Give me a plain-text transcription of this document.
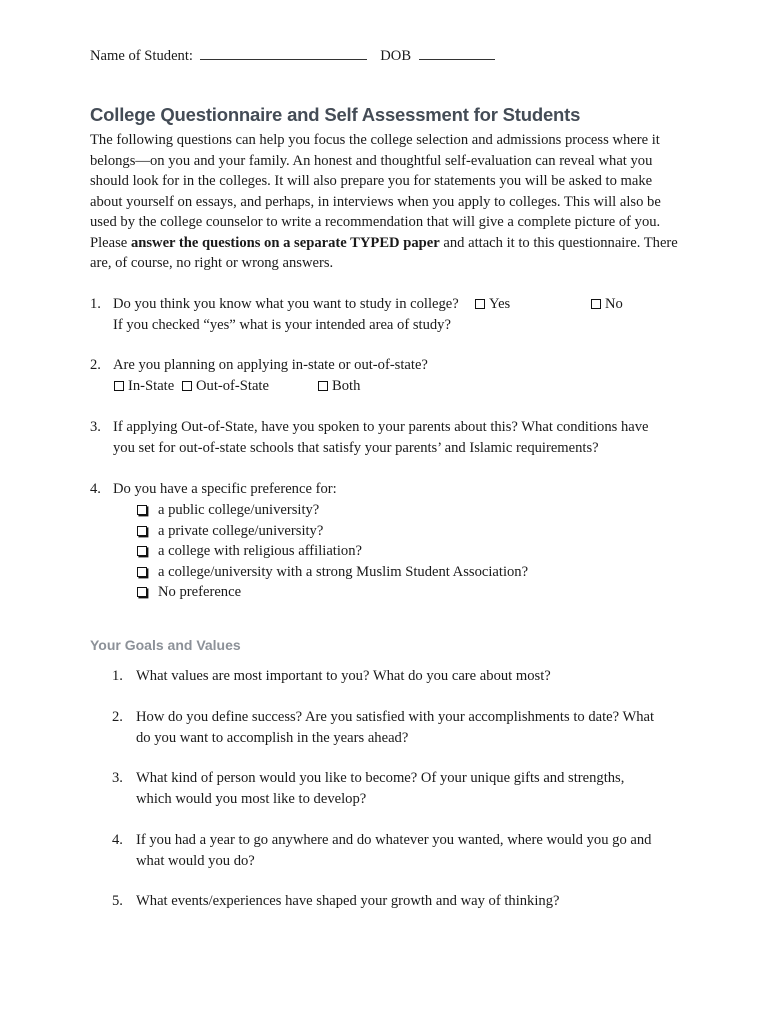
Name of Student:	DOB
College Questionnaire and Self Assessment for Students

The following questions can help you focus the college selection and admissions process where it belongs—on you and your family. An honest and thoughtful self-evaluation can reveal what you should look for in the colleges. It will also prepare you for statements you will be asked to make about yourself on essays, and perhaps, in interviews when you apply to colleges. This will also be used by the college counselor to write a recommendation that will give a complete picture of you. Please answer the questions on a separate TYPED paper and attach it to this questionnaire. There are, of course, no right or wrong answers.

1. Do you think you know what you want to study in college?	Yes	No
If you checked “yes” what is your intended area of study?
2. Are you planning on applying in-state or out-of-state?
In-State	Out-of-State	Both
3. If applying Out-of-State, have you spoken to your parents about this? What conditions have
you set for out-of-state schools that satisfy your parents’ and Islamic requirements?
4. Do you have a specific preference for:
a public college/university?
a private college/university?
a college with religious affiliation?
a college/university with a strong Muslim Student Association?
No preference
Your Goals and Values
1. What values are most important to you? What do you care about most?
2. How do you define success? Are you satisfied with your accomplishments to date? What
do you want to accomplish in the years ahead?
3. What kind of person would you like to become? Of your unique gifts and strengths,
which would you most like to develop?
4. If you had a year to go anywhere and do whatever you wanted, where would you go and
what would you do?
5. What events/experiences have shaped your growth and way of thinking?
